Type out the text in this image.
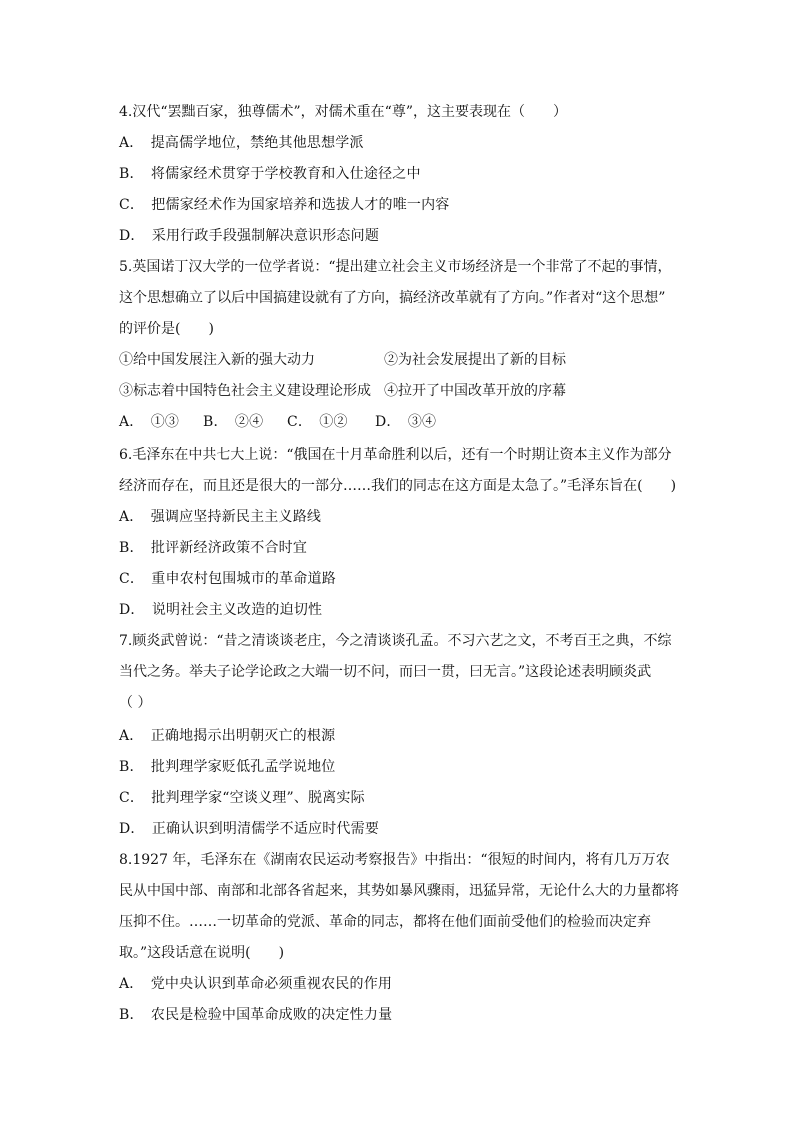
4.汉代“罢黜百家，独尊儒术”，对儒术重在“尊”，这主要表现在（　　）
A．　提高儒学地位，禁绝其他思想学派
B．　将儒家经术贯穿于学校教育和入仕途径之中
C．　把儒家经术作为国家培养和选拔人才的唯一内容
D．　采用行政手段强制解决意识形态问题
5.英国诺丁汉大学的一位学者说：“提出建立社会主义市场经济是一个非常了不起的事情，
这个思想确立了以后中国搞建设就有了方向，搞经济改革就有了方向。”作者对“这个思想”
的评价是(　　)
①给中国发展注入新的强大动力	②为社会发展提出了新的目标
③标志着中国特色社会主义建设理论形成 ④拉开了中国改革开放的序幕
A．　①③ B．　②④ C．　①② D．　③④
6.毛泽东在中共七大上说：“俄国在十月革命胜利以后，还有一个时期让资本主义作为部分
经济而存在，而且还是很大的一部分……我们的同志在这方面是太急了。”毛泽东旨在(　　)
A．　强调应坚持新民主主义路线
B．　批评新经济政策不合时宜
C．　重申农村包围城市的革命道路
D．　说明社会主义改造的迫切性
7.顾炎武曾说：“昔之清谈谈老庄，今之清谈谈孔孟。不习六艺之文，不考百王之典，不综
当代之务。举夫子论学论政之大端一切不问，而曰一贯，曰无言。”这段论述表明顾炎武
（ ）
A．　正确地揭示出明朝灭亡的根源
B．　批判理学家贬低孔孟学说地位
C．　批判理学家“空谈义理”、脱离实际
D．　正确认识到明清儒学不适应时代需要
8.1927 年，毛泽东在《湖南农民运动考察报告》中指出：“很短的时间内，将有几万万农
民从中国中部、南部和北部各省起来，其势如暴风骤雨，迅猛异常，无论什么大的力量都将
压抑不住。……一切革命的党派、革命的同志，都将在他们面前受他们的检验而决定弃
取。”这段话意在说明(　　)
A．　党中央认识到革命必须重视农民的作用
B．　农民是检验中国革命成败的决定性力量
